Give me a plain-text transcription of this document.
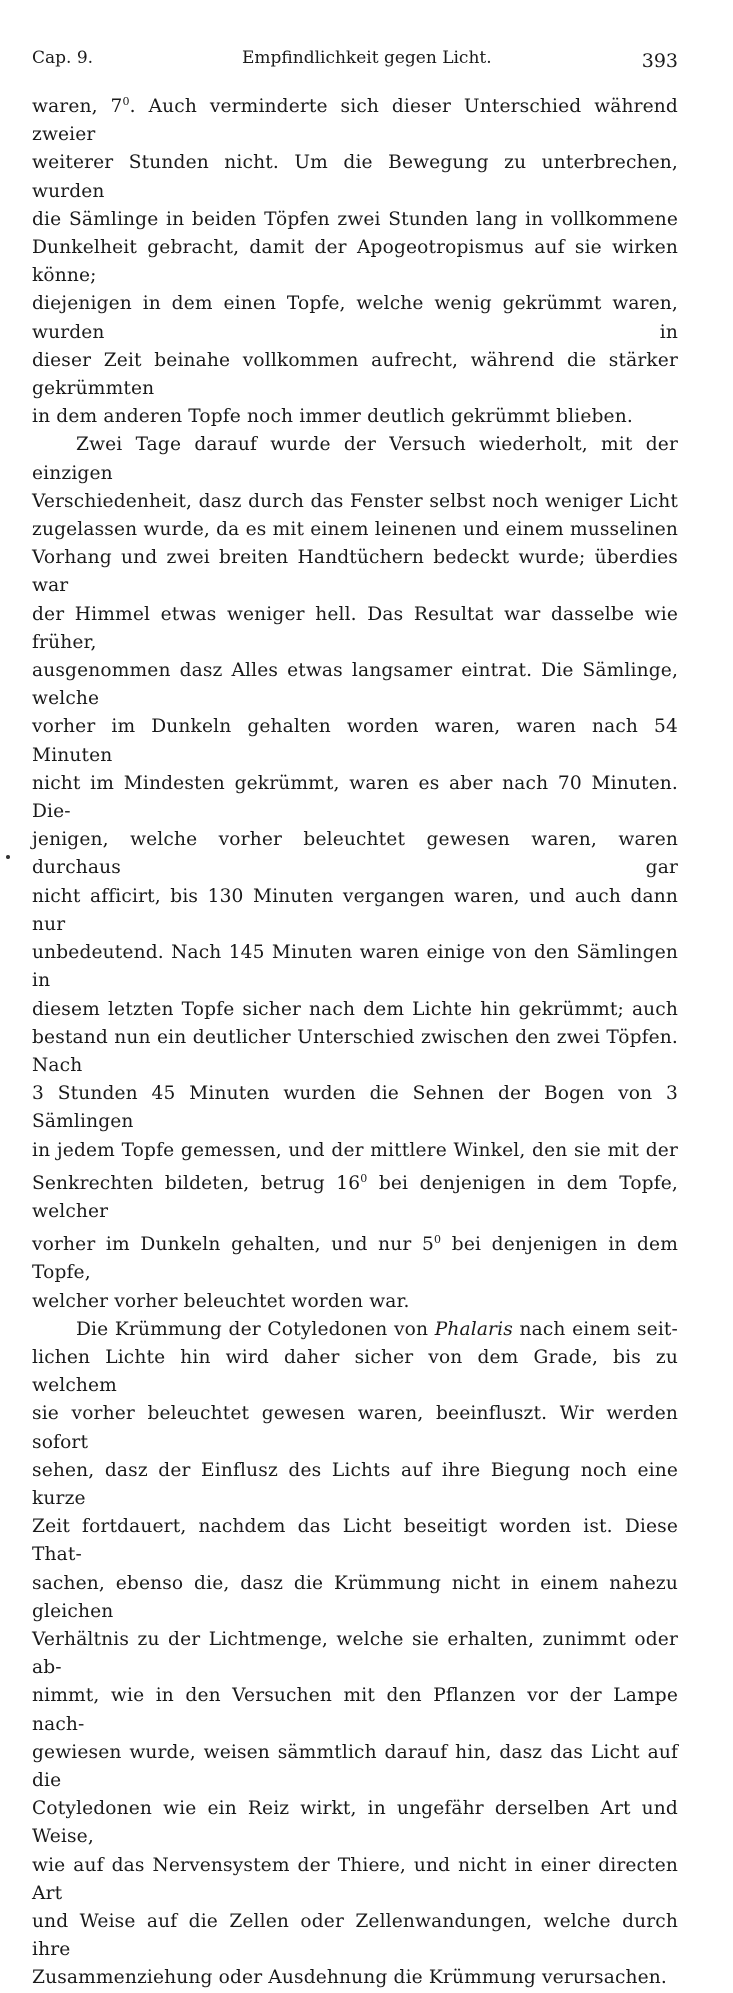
Cap. 9.	Empfindlichkeit gegen Licht.	393

waren, $7^0$. Auch verminderte sich dieser Unterschied während zweier

weiterer Stunden nicht. Um die Bewegung zu unterbrechen, wurden

die Sämlinge in beiden Töpfen zwei Stunden lang in vollkommene

Dunkelheit gebracht, damit der Apogeotropismus auf sie wirken könne;

diejenigen in dem einen Topfe, welche wenig gekrümmt waren, wurden in

dieser Zeit beinahe vollkommen aufrecht, während die stärker gekrümmten

in dem anderen Topfe noch immer deutlich gekrümmt blieben.

Zwei Tage darauf wurde der Versuch wiederholt, mit der einzigen

Verschiedenheit, dasz durch das Fenster selbst noch weniger Licht

zugelassen wurde, da es mit einem leinenen und einem musselinen

Vorhang und zwei breiten Handtüchern bedeckt wurde; überdies war

der Himmel etwas weniger hell. Das Resultat war dasselbe wie früher,

ausgenommen dasz Alles etwas langsamer eintrat. Die Sämlinge, welche

vorher im Dunkeln gehalten worden waren, waren nach 54 Minuten

nicht im Mindesten gekrümmt, waren es aber nach 70 Minuten. Die-

jenigen, welche vorher beleuchtet gewesen waren, waren durchaus gar

nicht afficirt, bis 130 Minuten vergangen waren, und auch dann nur

unbedeutend. Nach 145 Minuten waren einige von den Sämlingen in

diesem letzten Topfe sicher nach dem Lichte hin gekrümmt; auch

bestand nun ein deutlicher Unterschied zwischen den zwei Töpfen. Nach

3 Stunden 45 Minuten wurden die Sehnen der Bogen von 3 Sämlingen

in jedem Topfe gemessen, und der mittlere Winkel, den sie mit der

Senkrechten bildeten, betrug $16^0$ bei denjenigen in dem Topfe, welcher

vorher im Dunkeln gehalten, und nur $5^0$ bei denjenigen in dem Topfe,

welcher vorher beleuchtet worden war.

Die Krümmung der Cotyledonen von Phalaris nach einem seit-

lichen Lichte hin wird daher sicher von dem Grade, bis zu welchem

sie vorher beleuchtet gewesen waren, beeinfluszt. Wir werden sofort

sehen, dasz der Einflusz des Lichts auf ihre Biegung noch eine kurze

Zeit fortdauert, nachdem das Licht beseitigt worden ist. Diese That-

sachen, ebenso die, dasz die Krümmung nicht in einem nahezu gleichen

Verhältnis zu der Lichtmenge, welche sie erhalten, zunimmt oder ab-

nimmt, wie in den Versuchen mit den Pflanzen vor der Lampe nach-

gewiesen wurde, weisen sämmtlich darauf hin, dasz das Licht auf die

Cotyledonen wie ein Reiz wirkt, in ungefähr derselben Art und Weise,

wie auf das Nervensystem der Thiere, und nicht in einer directen Art

und Weise auf die Zellen oder Zellenwandungen, welche durch ihre

Zusammenziehung oder Ausdehnung die Krümmung verursachen.
